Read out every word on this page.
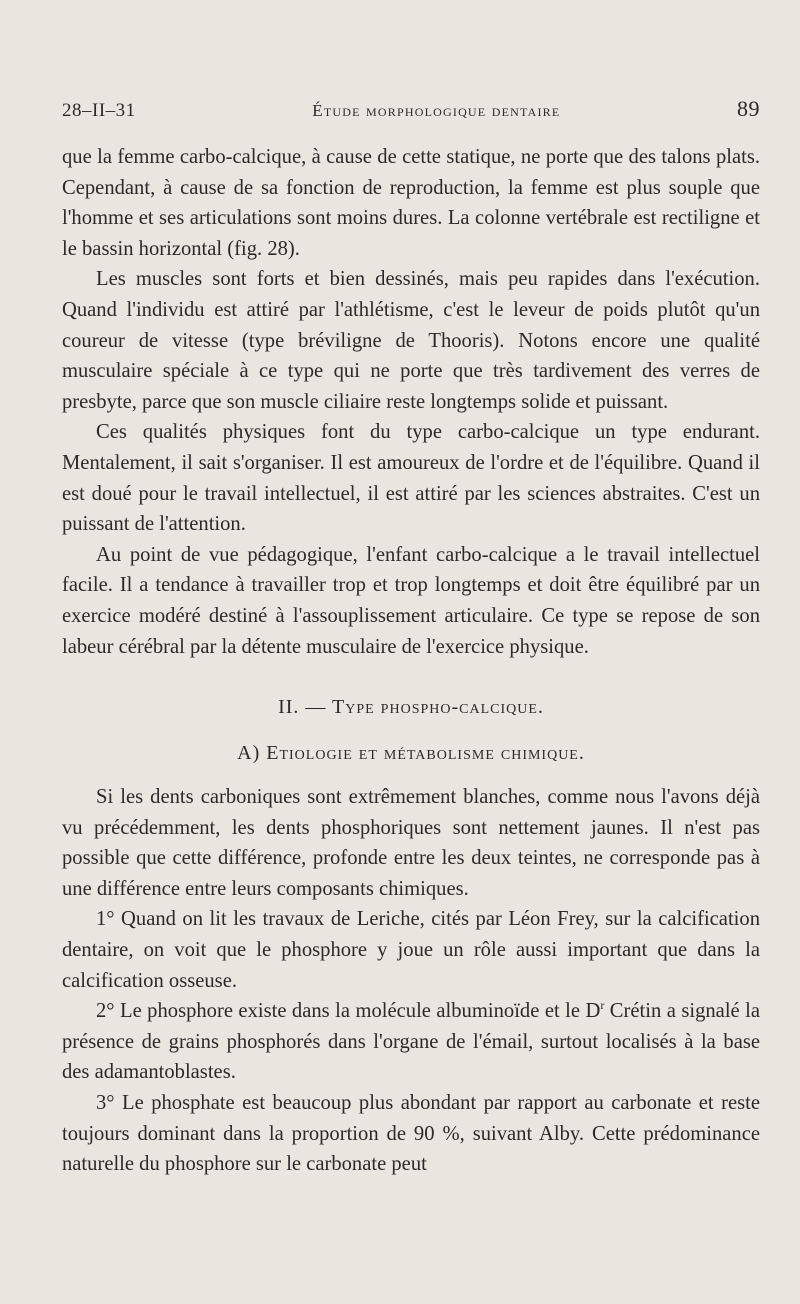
28–II–31	Étude morphologique dentaire	89

que la femme carbo-calcique, à cause de cette statique, ne porte que des talons plats. Cependant, à cause de sa fonction de reproduction, la femme est plus souple que l'homme et ses articulations sont moins dures. La colonne vertébrale est rectiligne et le bassin horizontal (fig. 28).

Les muscles sont forts et bien dessinés, mais peu rapides dans l'exécution. Quand l'individu est attiré par l'athlétisme, c'est le leveur de poids plutôt qu'un coureur de vitesse (type bréviligne de Thooris). Notons encore une qualité musculaire spéciale à ce type qui ne porte que très tardivement des verres de presbyte, parce que son muscle ciliaire reste longtemps solide et puissant.

Ces qualités physiques font du type carbo-calcique un type endurant. Mentalement, il sait s'organiser. Il est amoureux de l'ordre et de l'équilibre. Quand il est doué pour le travail intellectuel, il est attiré par les sciences abstraites. C'est un puissant de l'attention.

Au point de vue pédagogique, l'enfant carbo-calcique a le travail intellectuel facile. Il a tendance à travailler trop et trop longtemps et doit être équilibré par un exercice modéré destiné à l'assouplissement articulaire. Ce type se repose de son labeur cérébral par la détente musculaire de l'exercice physique.

II. — Type phospho-calcique.
A) Etiologie et métabolisme chimique.

Si les dents carboniques sont extrêmement blanches, comme nous l'avons déjà vu précédemment, les dents phosphoriques sont nettement jaunes. Il n'est pas possible que cette différence, profonde entre les deux teintes, ne corresponde pas à une différence entre leurs composants chimiques.

1° Quand on lit les travaux de Leriche, cités par Léon Frey, sur la calcification dentaire, on voit que le phosphore y joue un rôle aussi important que dans la calcification osseuse.

2° Le phosphore existe dans la molécule albuminoïde et le $D^r$ Crétin a signalé la présence de grains phosphorés dans l'organe de l'émail, surtout localisés à la base des adamantoblastes.

3° Le phosphate est beaucoup plus abondant par rapport au carbonate et reste toujours dominant dans la proportion de 90 %, suivant Alby. Cette prédominance naturelle du phosphore sur le carbonate peut
